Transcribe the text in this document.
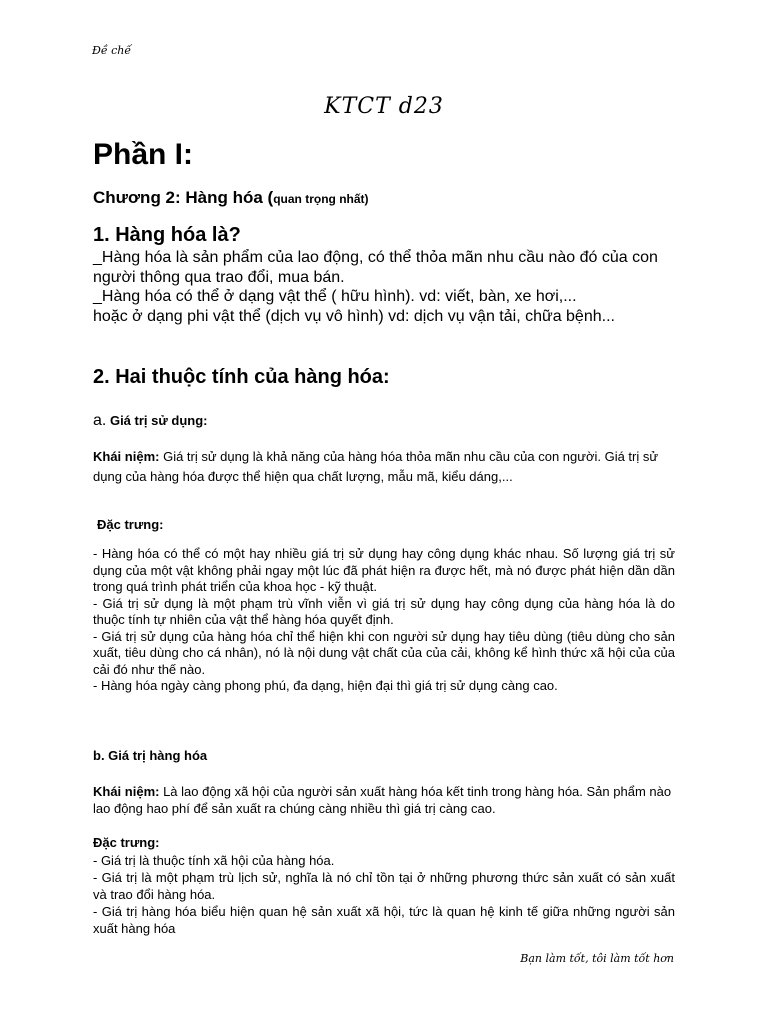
Đề chế
KTCT d23
Phần I:
Chương 2: Hàng hóa (quan trọng nhất)
1. Hàng hóa là?

_Hàng hóa là sản phẩm của lao động, có thể thỏa mãn nhu cầu nào đó của con người thông qua trao đổi, mua bán.

_Hàng hóa có thể ở dạng vật thể ( hữu hình). vd: viết, bàn, xe hơi,...

hoặc ở dạng phi vật thể (dịch vụ vô hình) vd: dịch vụ vận tải, chữa bệnh...

2. Hai thuộc tính của hàng hóa:
a. Giá trị sử dụng:
Khái niệm: Giá trị sử dụng là khả năng của hàng hóa thỏa mãn nhu cầu của con người. Giá trị sử dụng của hàng hóa được thể hiện qua chất lượng, mẫu mã, kiểu dáng,...
Đặc trưng:

- Hàng hóa có thể có một hay nhiều giá trị sử dụng hay công dụng khác nhau. Số lượng giá trị sử dụng của một vật không phải ngay một lúc đã phát hiện ra được hết, mà nó được phát hiện dần dần trong quá trình phát triển của khoa học - kỹ thuật.

- Giá trị sử dụng là một phạm trù vĩnh viễn vì giá trị sử dụng hay công dụng của hàng hóa là do thuộc tính tự nhiên của vật thể hàng hóa quyết định.

- Giá trị sử dụng của hàng hóa chỉ thể hiện khi con người sử dụng hay tiêu dùng (tiêu dùng cho sản xuất, tiêu dùng cho cá nhân), nó là nội dung vật chất của của cải, không kể hình thức xã hội của của cải đó như thế nào.

- Hàng hóa ngày càng phong phú, đa dạng, hiện đại thì giá trị sử dụng càng cao.

b. Giá trị hàng hóa
Khái niệm: Là lao động xã hội của người sản xuất hàng hóa kết tinh trong hàng hóa. Sản phẩm nào lao động hao phí để sản xuất ra chúng càng nhiều thì giá trị càng cao.
Đặc trưng:

- Giá trị là thuộc tính xã hội của hàng hóa.

- Giá trị là một phạm trù lịch sử, nghĩa là nó chỉ tồn tại ở những phương thức sản xuất có sản xuất và trao đổi hàng hóa.

- Giá trị hàng hóa biểu hiện quan hệ sản xuất xã hội, tức là quan hệ kinh tế giữa những người sản xuất hàng hóa

Bạn làm tốt, tôi làm tốt hơn
